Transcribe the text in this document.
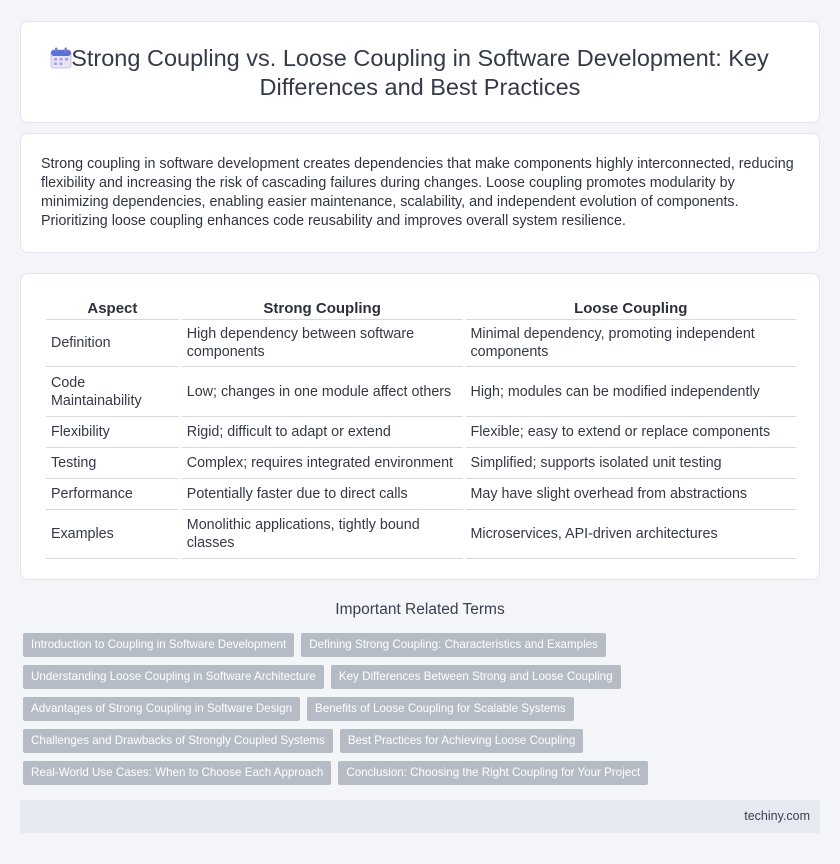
Strong Coupling vs. Loose Coupling in Software Development: Key Differences and Best Practices

Strong coupling in software development creates dependencies that make components highly interconnected, reducing flexibility and increasing the risk of cascading failures during changes. Loose coupling promotes modularity by minimizing dependencies, enabling easier maintenance, scalability, and independent evolution of components. Prioritizing loose coupling enhances code reusability and improves overall system resilience.

Aspect	Strong Coupling	Loose Coupling
Definition	High dependency between software components	Minimal dependency, promoting independent components
Code Maintainability	Low; changes in one module affect others	High; modules can be modified independently
Flexibility	Rigid; difficult to adapt or extend	Flexible; easy to extend or replace components
Testing	Complex; requires integrated environment	Simplified; supports isolated unit testing
Performance	Potentially faster due to direct calls	May have slight overhead from abstractions
Examples	Monolithic applications, tightly bound classes	Microservices, API-driven architectures
Important Related Terms
Introduction to Coupling in Software Development	Defining Strong Coupling: Characteristics and Examples
Understanding Loose Coupling in Software Architecture	Key Differences Between Strong and Loose Coupling
Advantages of Strong Coupling in Software Design	Benefits of Loose Coupling for Scalable Systems
Challenges and Drawbacks of Strongly Coupled Systems	Best Practices for Achieving Loose Coupling
Real-World Use Cases: When to Choose Each Approach	Conclusion: Choosing the Right Coupling for Your Project
techiny.com
